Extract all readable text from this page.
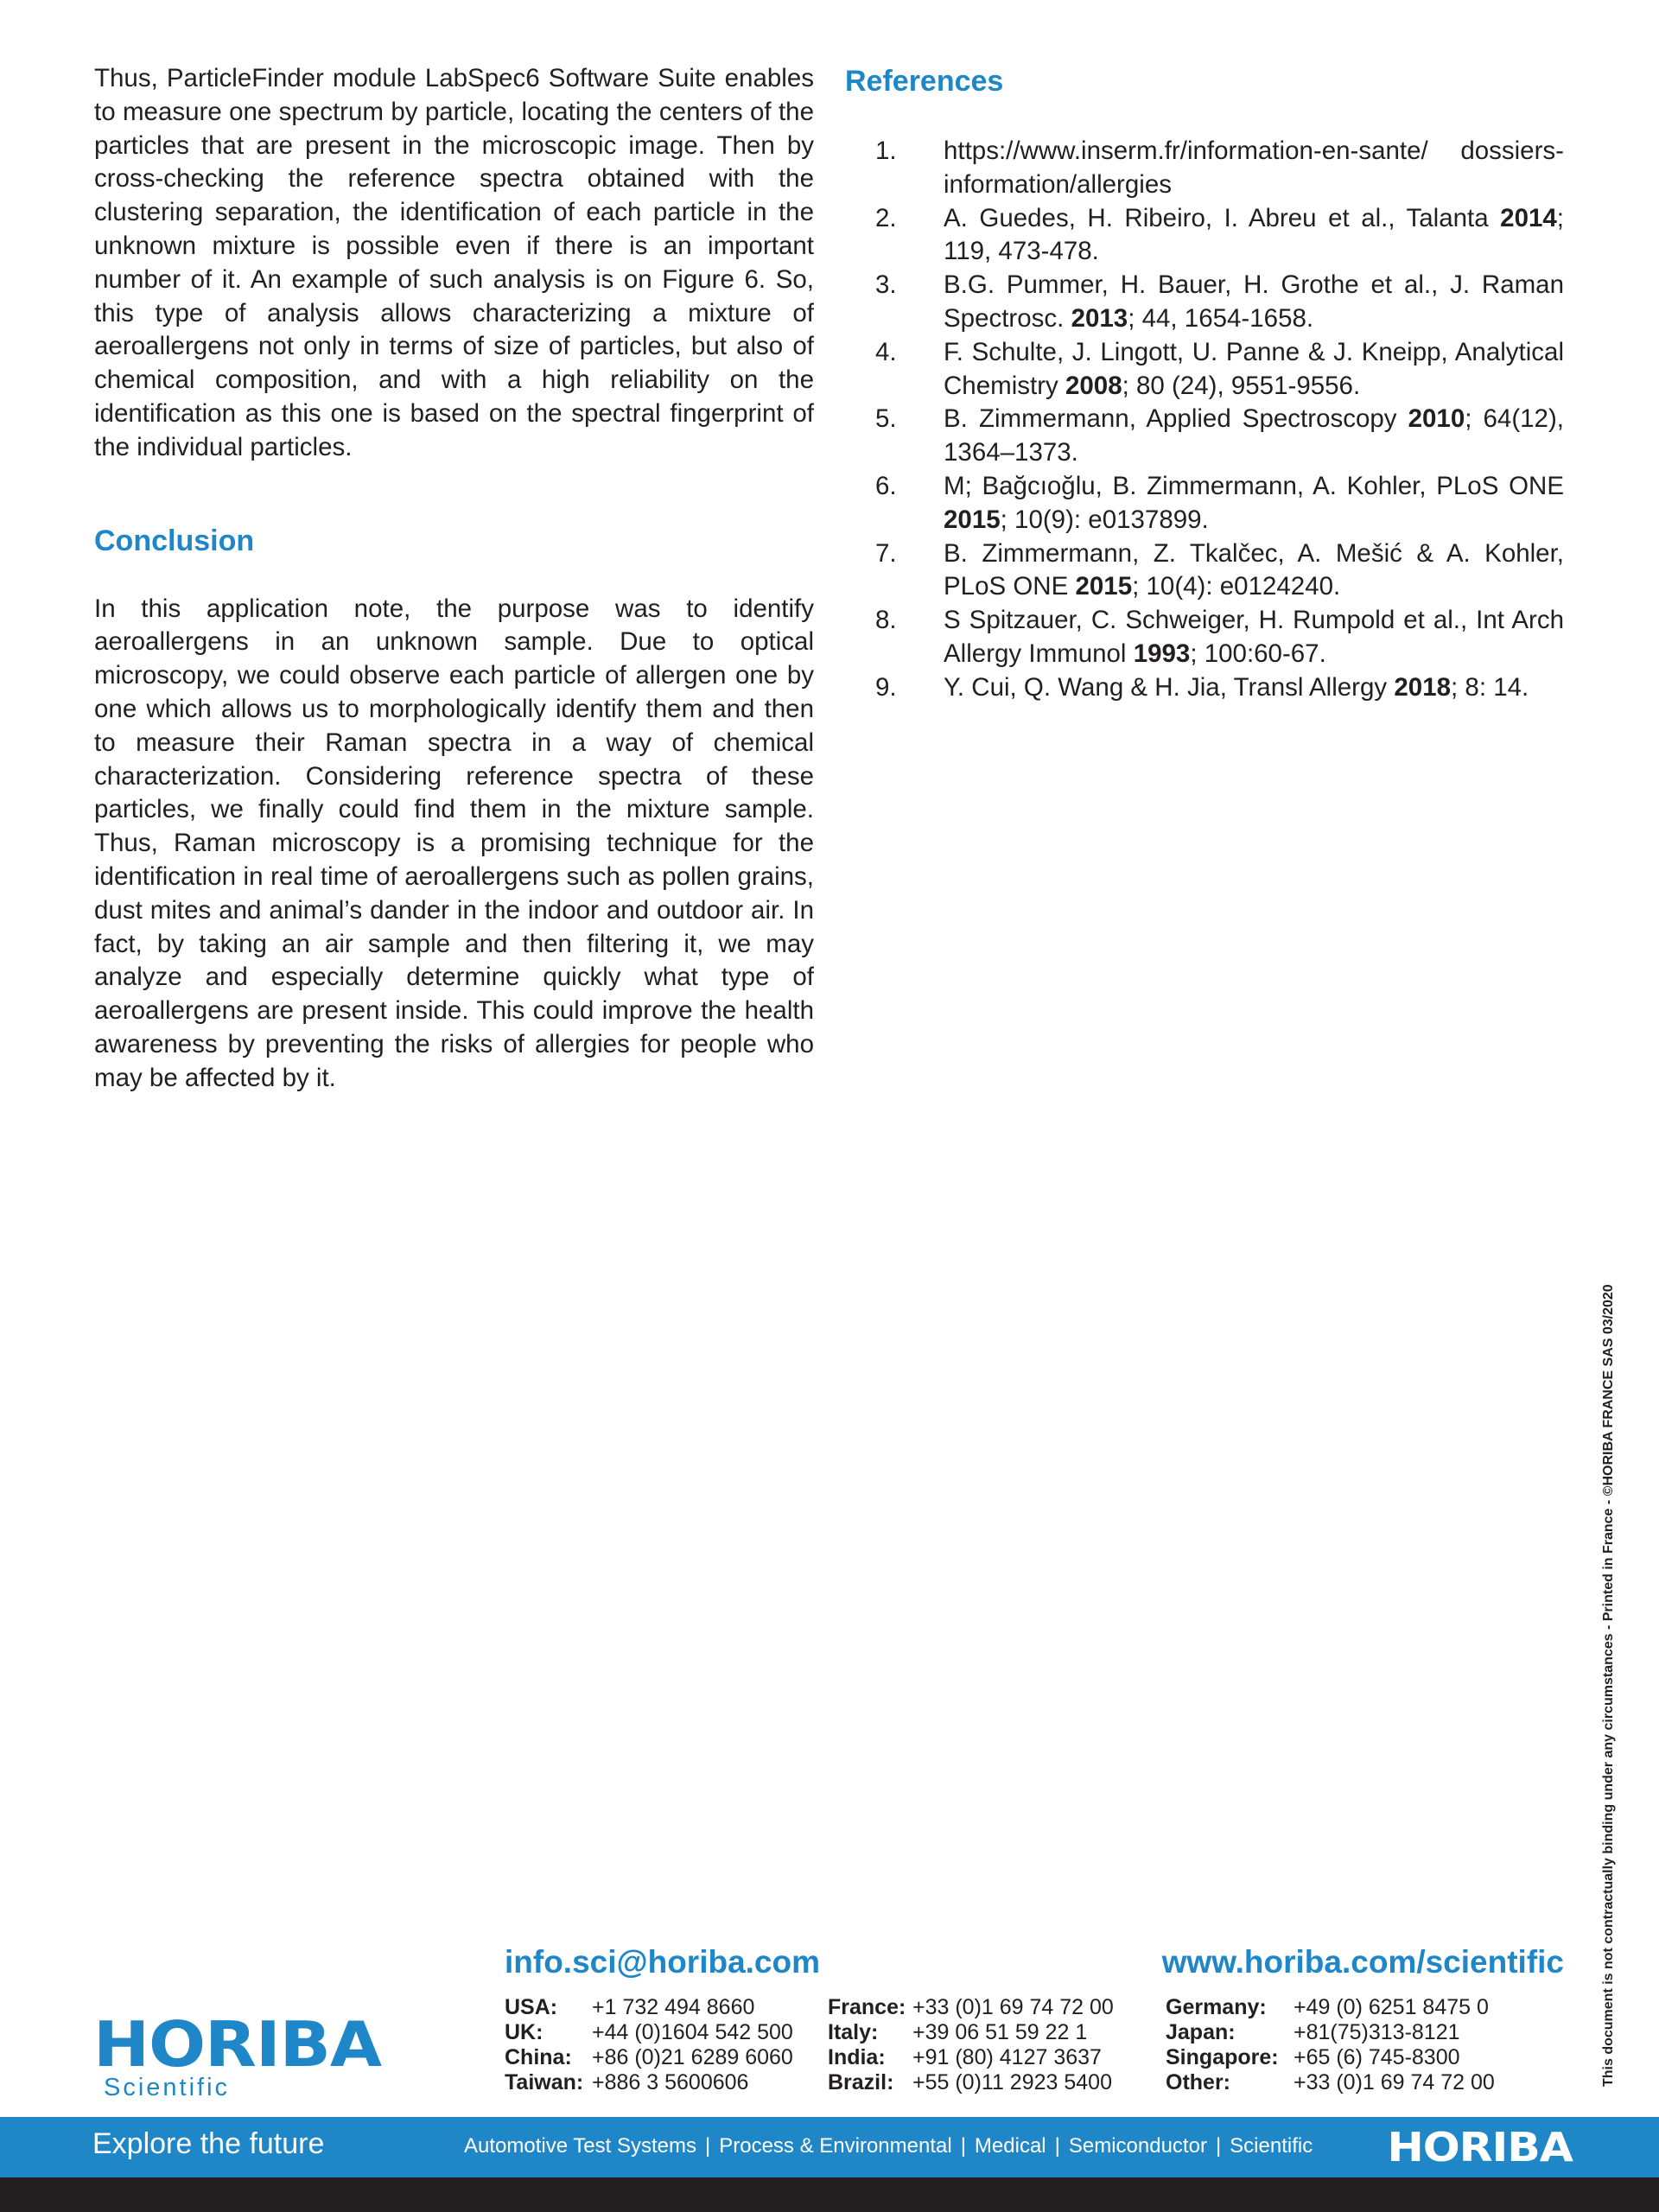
Thus, ParticleFinder module LabSpec6 Software Suite enables to measure one spectrum by particle, locating the centers of the particles that are present in the microscopic image. Then by cross-checking the reference spectra obtained with the clustering separation, the identification of each particle in the unknown mixture is possible even if there is an important number of it. An example of such analysis is on Figure 6. So, this type of analysis allows characterizing a mixture of aeroallergens not only in terms of size of particles, but also of chemical composition, and with a high reliability on the identification as this one is based on the spectral fingerprint of the individual particles.

Conclusion

In this application note, the purpose was to identify aeroallergens in an unknown sample. Due to optical microscopy, we could observe each particle of allergen one by one which allows us to morphologically identify them and then to measure their Raman spectra in a way of chemical characterization. Considering reference spectra of these particles, we finally could find them in the mixture sample. Thus, Raman microscopy is a promising technique for the identification in real time of aeroallergens such as pollen grains, dust mites and animal’s dander in the indoor and outdoor air. In fact, by taking an air sample and then filtering it, we may analyze and especially determine quickly what type of aeroallergens are present inside. This could improve the health awareness by preventing the risks of allergies for people who may be affected by it.

References
1.	https://www.inserm.fr/information-en-sante/ dossiers-information/allergies
2.	A. Guedes, H. Ribeiro, I. Abreu et al., Talanta 2014; 119, 473-478.
3.	B.G. Pummer, H. Bauer, H. Grothe et al., J. Raman Spectrosc. 2013; 44, 1654-1658.
4.	F. Schulte, J. Lingott, U. Panne & J. Kneipp, Analytical Chemistry 2008; 80 (24), 9551-9556.
5.	B. Zimmermann, Applied Spectroscopy 2010; 64(12), 1364–1373.
6.	M; Bağcıoğlu, B. Zimmermann, A. Kohler, PLoS ONE 2015; 10(9): e0137899.
7.	B. Zimmermann, Z. Tkalčec, A. Mešić & A. Kohler, PLoS ONE 2015; 10(4): e0124240.
8.	S Spitzauer, C. Schweiger, H. Rumpold et al., Int Arch Allergy Immunol 1993; 100:60-67.
9.	Y. Cui, Q. Wang & H. Jia, Transl Allergy 2018; 8: 14.
This document is not contractually binding under any circumstances - Printed in France - ©HORIBA FRANCE SAS 03/2020
HORIBA
Scientific
info.sci@horiba.com	www.horiba.com/scientific
USA:	+1 732 494 8660
UK:	+44 (0)1604 542 500
China: +86 (0)21 6289 6060
Taiwan: +886 3 5600606
France: +33 (0)1 69 74 72 00
Italy:	+39 06 51 59 22 1
India:	+91 (80) 4127 3637
Brazil: +55 (0)11 2923 5400
Germany:	+49 (0) 6251 8475 0
Japan:	+81(75)313-8121
Singapore: +65 (6) 745-8300
Other:	+33 (0)1 69 74 72 00
Explore the future	Automotive Test Systems | Process & Environmental | Medical | Semiconductor | Scientific HORIBA
